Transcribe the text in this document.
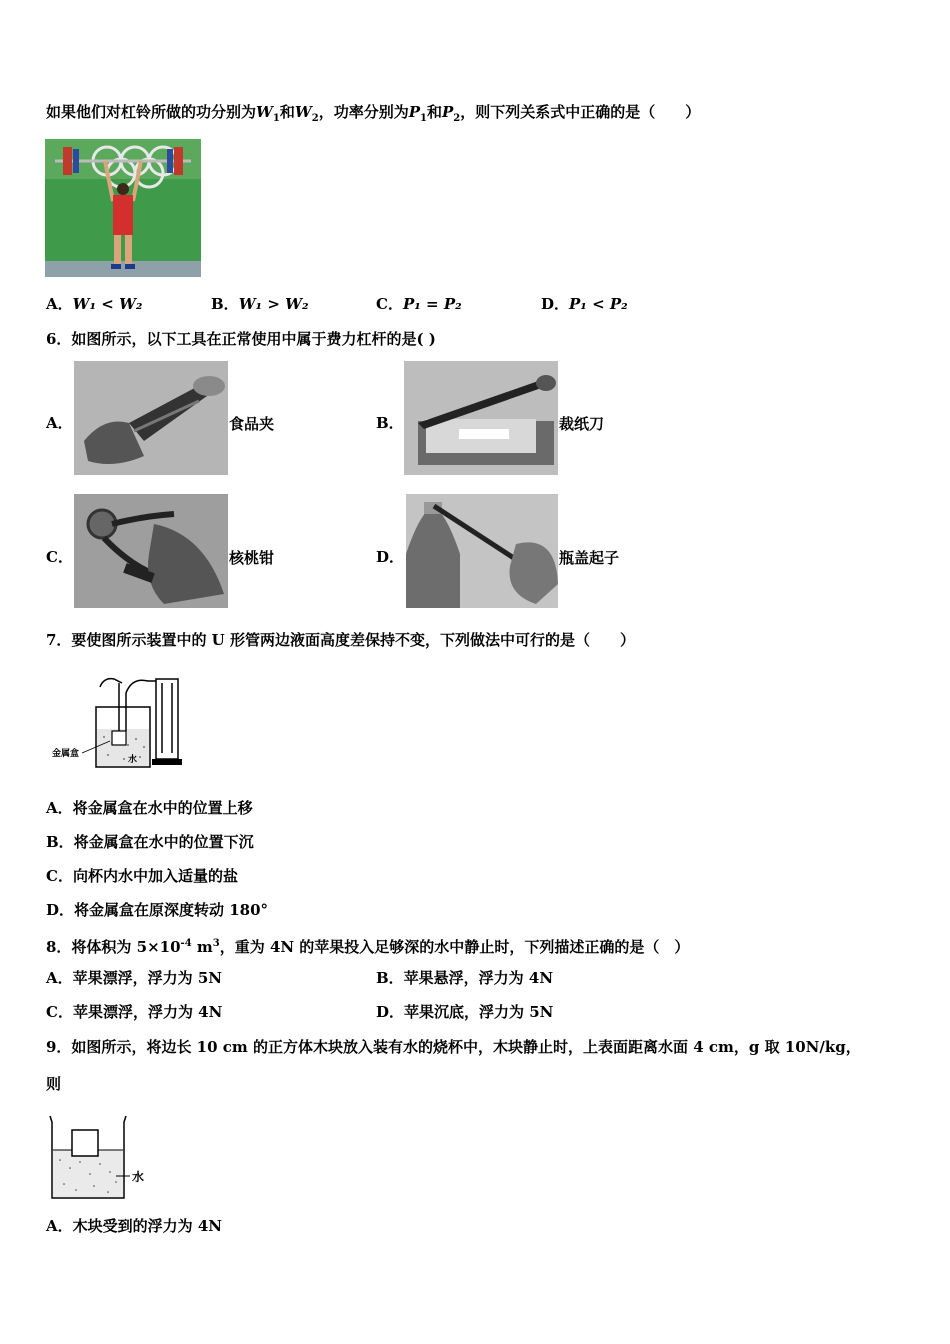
如果他们对杠铃所做的功分别为$W_1$和$W_2$，功率分别为$P_1$和$P_2$，则下列关系式中正确的是（　　）
A．W₁ < W₂	B．W₁ > W₂	C．P₁ = P₂	D．P₁ < P₂
6．如图所示，以下工具在正常使用中属于费力杠杆的是( )
A．	食品夹	B．	裁纸刀
C．	核桃钳	D．	瓶盖起子
7．要使图所示装置中的 U 形管两边液面高度差保持不变，下列做法中可行的是（　　）
金属盒
水
A．将金属盒在水中的位置上移
B．将金属盒在水中的位置下沉
C．向杯内水中加入适量的盐
D．将金属盒在原深度转动 180°
8．将体积为 $5\times 10^{-4}$ $m^3$，重为 4N 的苹果投入足够深的水中静止时，下列描述正确的是（　）
A．苹果漂浮，浮力为 5N	B．苹果悬浮，浮力为 4N
C．苹果漂浮，浮力为 4N	D．苹果沉底，浮力为 5N
9．如图所示，将边长 10 cm 的正方体木块放入装有水的烧杯中，木块静止时，上表面距离水面 4 cm，g 取 10N/kg，
则
水
A．木块受到的浮力为 4N
